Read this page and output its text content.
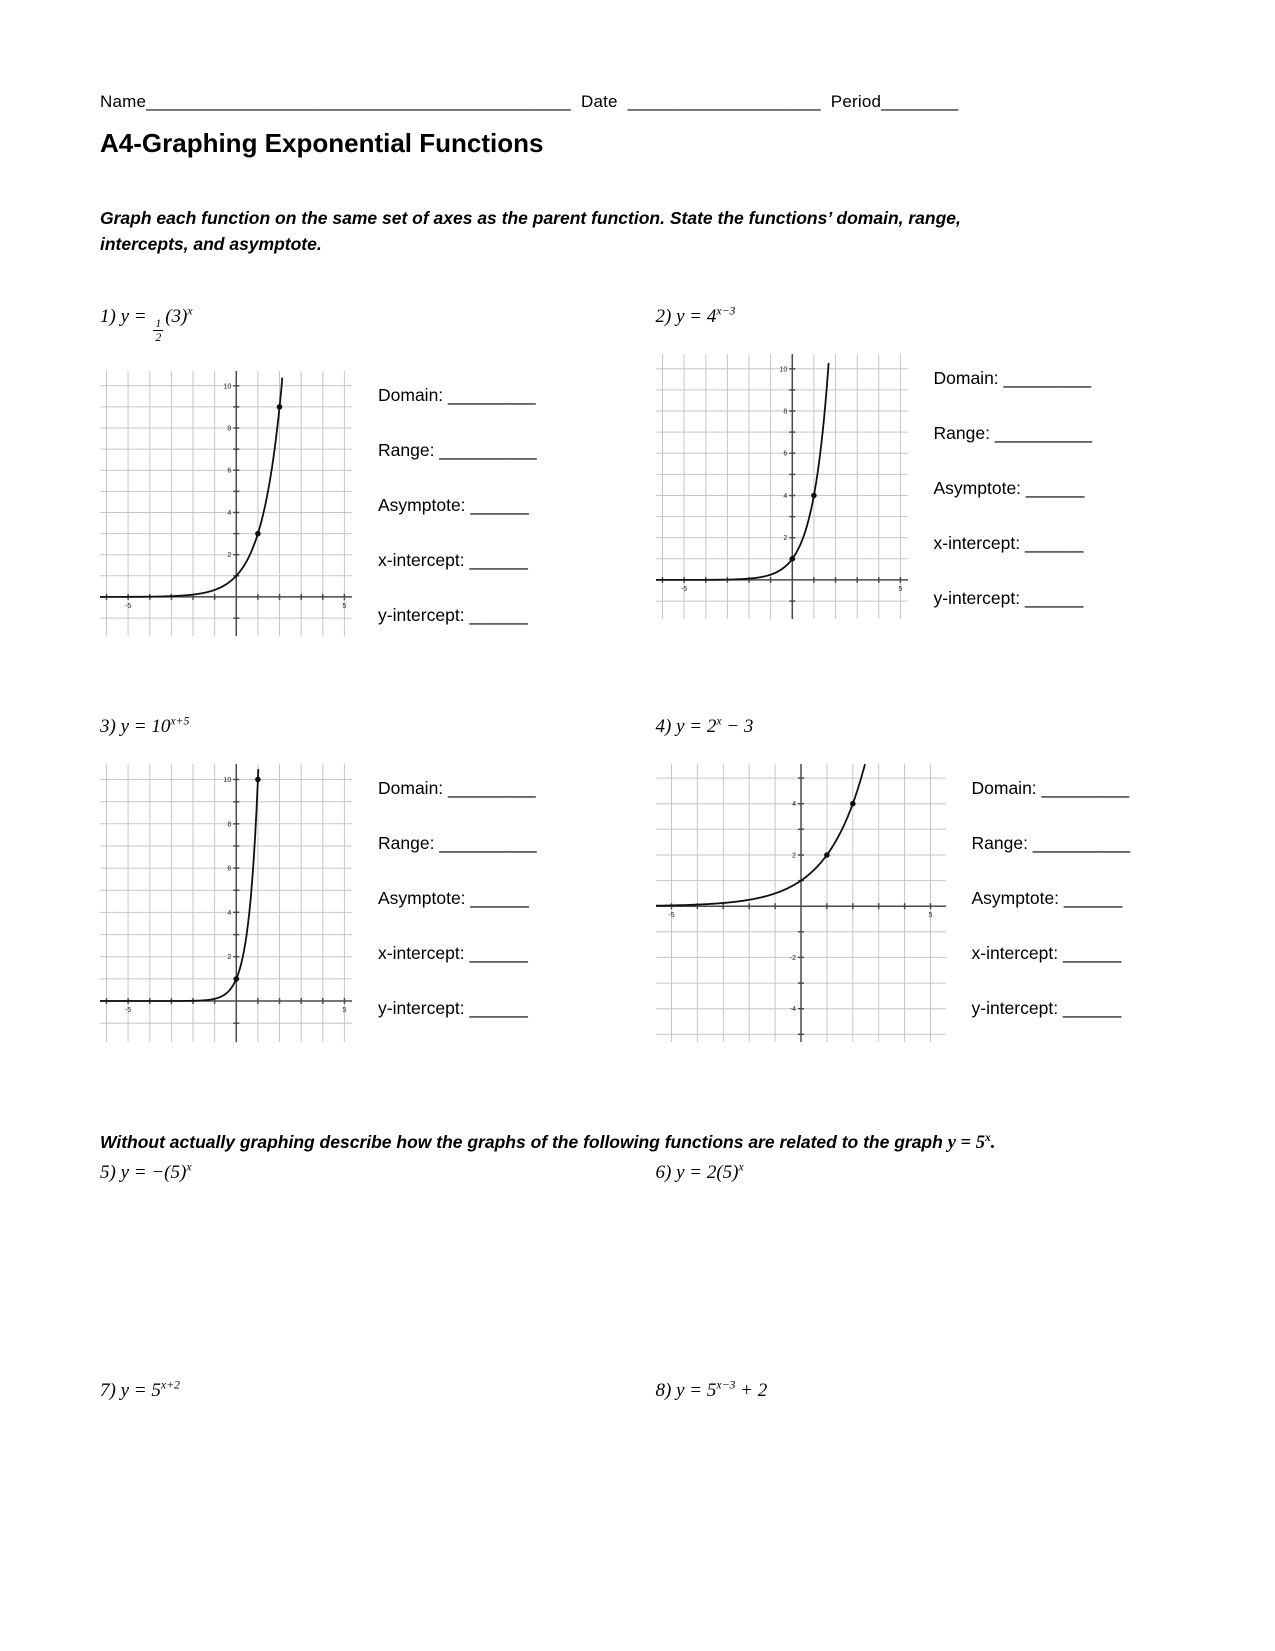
Name____________________________________________ Date ____________________ Period________
A4-Graphing Exponential Functions

Graph each function on the same set of axes as the parent function. State the functions’ domain, range, intercepts, and asymptote.

1) y =
$\frac{1}{2}$
$(3)^x$
2
4
6
8
10
-5	5
Domain: _________
Range: __________
Asymptote: ______
x-intercept: ______
y-intercept: ______
2) $y = 4^{x-3}$
2
4
6
8
10
-5	5
Domain: _________
Range: __________
Asymptote: ______
x-intercept: ______
y-intercept: ______
3) $y = 10^{x+5}$
2
4
6
8
10
-5	5
Domain: _________
Range: __________
Asymptote: ______
x-intercept: ______
y-intercept: ______
4) $y = 2^x - 3$
-4
-2
2
4
-5	5
Domain: _________
Range: __________
Asymptote: ______
x-intercept: ______
y-intercept: ______

Without actually graphing describe how the graphs of the following functions are related to the graph $y = 5^x$.

5) $y = -(5)^x$	6) $y = 2(5)^x$
7) $y = 5^{x+2}$	8) $y = 5^{x-3} + 2$
